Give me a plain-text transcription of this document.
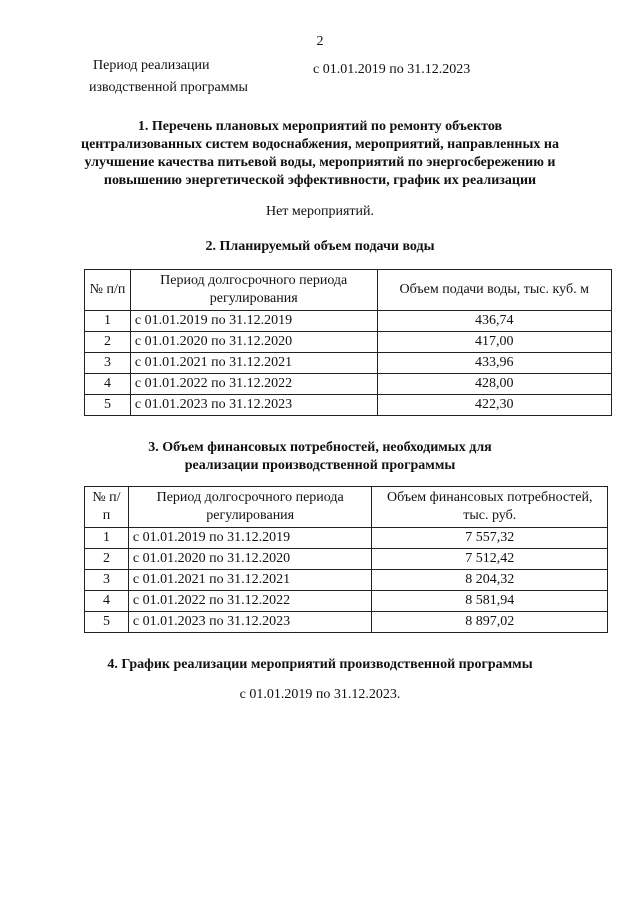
2
Период реализации
изводственной программы
с 01.01.2019 по 31.12.2023
1. Перечень плановых мероприятий по ремонту объектов
централизованных систем водоснабжения, мероприятий, направленных на
улучшение качества питьевой воды, мероприятий по энергосбережению и
повышению энергетической эффективности, график их реализации
Нет мероприятий.
2. Планируемый объем подачи воды
№ п/п	Период долгосрочного периода регулирования	Объем подачи воды, тыс. куб. м
1	с 01.01.2019 по 31.12.2019	436,74
2	с 01.01.2020 по 31.12.2020	417,00
3	с 01.01.2021 по 31.12.2021	433,96
4	с 01.01.2022 по 31.12.2022	428,00
5	с 01.01.2023 по 31.12.2023	422,30
3. Объем финансовых потребностей, необходимых для
реализации производственной программы
№ п/п	Период долгосрочного периода регулирования	Объем финансовых потребностей, тыс. руб.
1	с 01.01.2019 по 31.12.2019	7 557,32
2	с 01.01.2020 по 31.12.2020	7 512,42
3	с 01.01.2021 по 31.12.2021	8 204,32
4	с 01.01.2022 по 31.12.2022	8 581,94
5	с 01.01.2023 по 31.12.2023	8 897,02
4. График реализации мероприятий производственной программы
с 01.01.2019 по 31.12.2023.
